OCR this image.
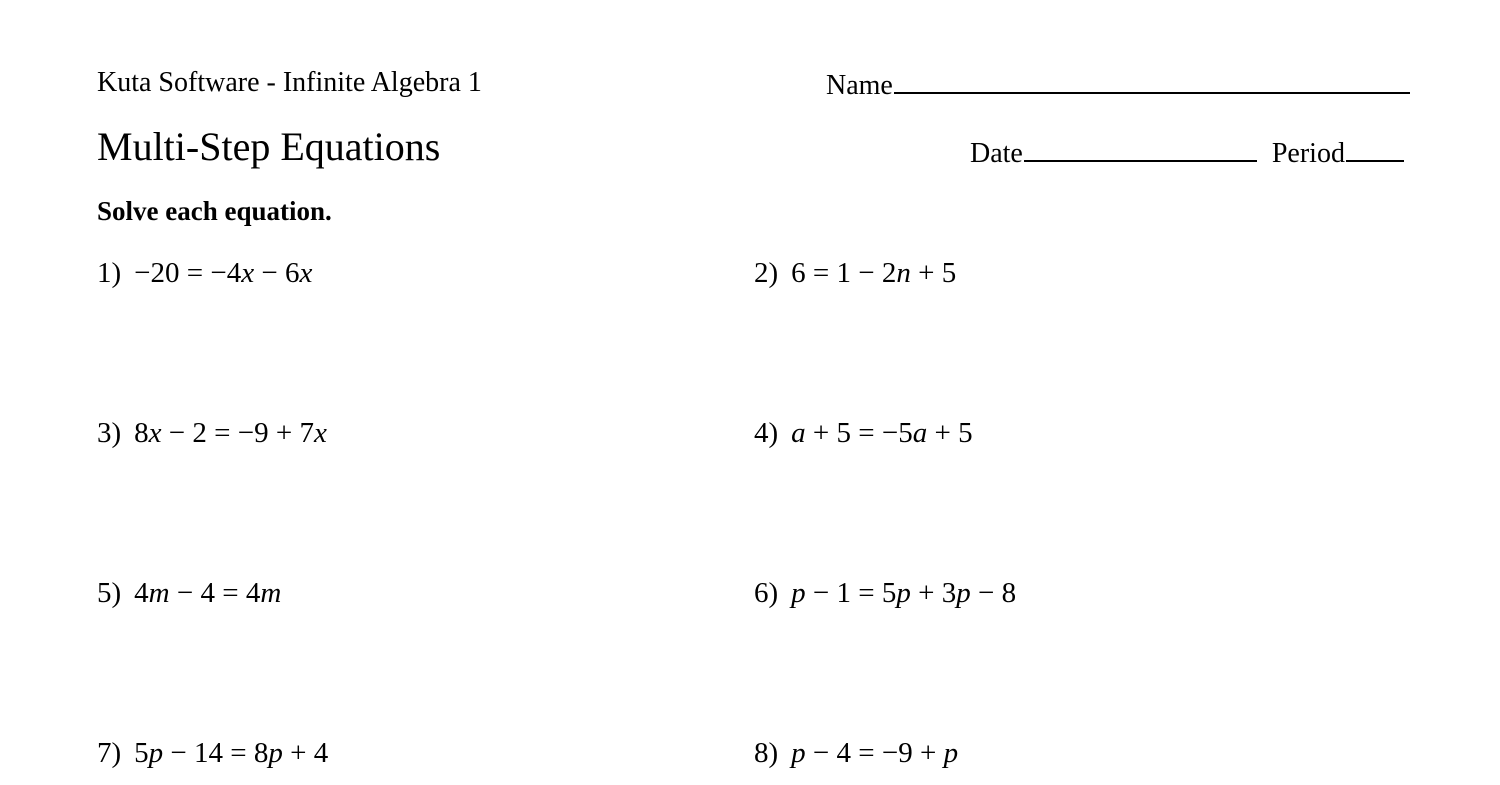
Kuta Software - Infinite Algebra 1
Multi-Step Equations
Solve each equation.
Name
Date	Period
1) −20 = −4x − 6x	2) 6 = 1 − 2n + 5
3) 8x − 2 = −9 + 7x	4) a + 5 = −5a + 5
5) 4m − 4 = 4m	6) p − 1 = 5p + 3p − 8
7) 5p − 14 = 8p + 4	8) p − 4 = −9 + p
